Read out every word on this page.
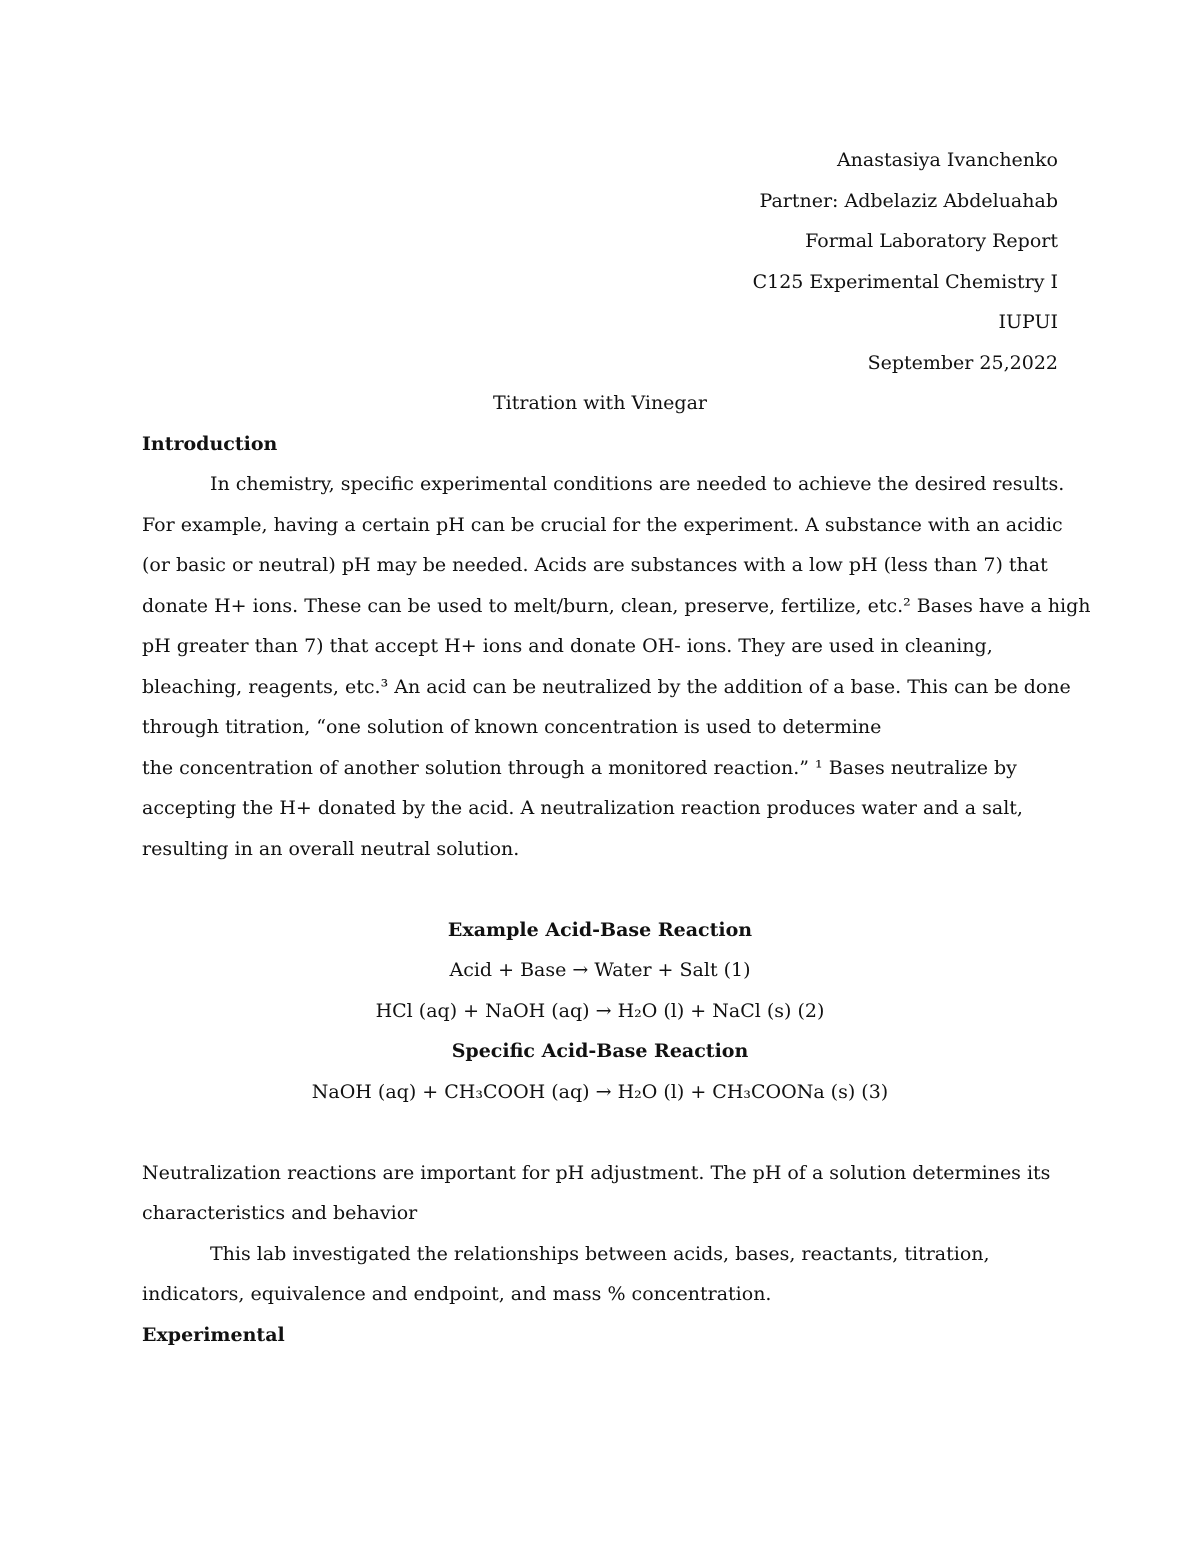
Anastasiya Ivanchenko
Partner: Adbelaziz Abdeluahab
Formal Laboratory Report
C125 Experimental Chemistry I
IUPUI
September 25,2022
Titration with Vinegar
Introduction
In chemistry, specific experimental conditions are needed to achieve the desired results.
For example, having a certain pH can be crucial for the experiment. A substance with an acidic
(or basic or neutral) pH may be needed. Acids are substances with a low pH (less than 7) that
donate H+ ions. These can be used to melt/burn, clean, preserve, fertilize, etc.² Bases have a high
pH greater than 7) that accept H+ ions and donate OH- ions. They are used in cleaning,
bleaching, reagents, etc.³ An acid can be neutralized by the addition of a base. This can be done
through titration, “one solution of known concentration is used to determine
the concentration of another solution through a monitored reaction.” ¹ Bases neutralize by
accepting the H+ donated by the acid. A neutralization reaction produces water and a salt,
resulting in an overall neutral solution.
Example Acid-Base Reaction
Acid + Base → Water + Salt (1)
HCl (aq) + NaOH (aq) → H₂O (l) + NaCl (s) (2)
Specific Acid-Base Reaction
NaOH (aq) + CH₃COOH (aq) → H₂O (l) + CH₃COONa (s) (3)
Neutralization reactions are important for pH adjustment. The pH of a solution determines its
characteristics and behavior
This lab investigated the relationships between acids, bases, reactants, titration,
indicators, equivalence and endpoint, and mass % concentration.
Experimental
